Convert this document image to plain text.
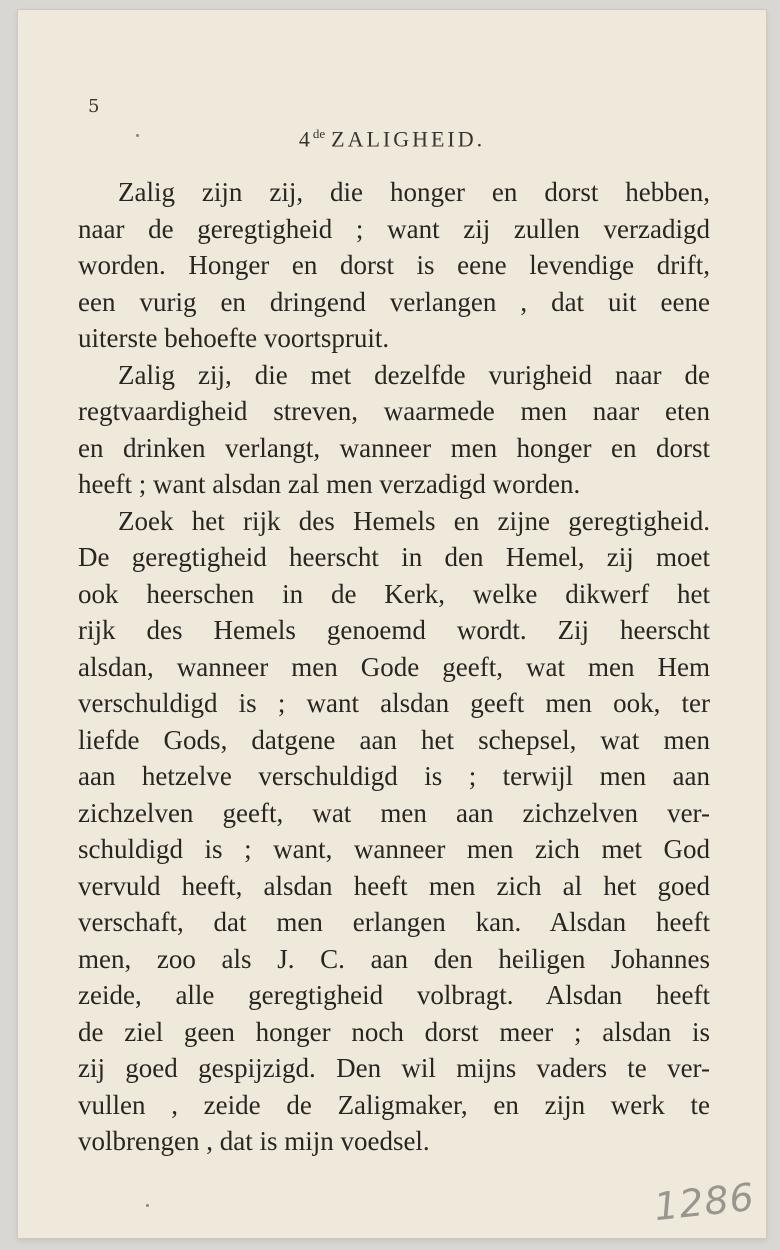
5
4de ZALIGHEID.
Zalig zijn zij, die honger en dorst hebben,
naar de geregtigheid ; want zij zullen verzadigd
worden. Honger en dorst is eene levendige drift,
een vurig en dringend verlangen , dat uit eene
uiterste behoefte voortspruit.
Zalig zij, die met dezelfde vurigheid naar de
regtvaardigheid streven, waarmede men naar eten
en drinken verlangt, wanneer men honger en dorst
heeft ; want alsdan zal men verzadigd worden.
Zoek het rijk des Hemels en zijne geregtigheid.
De geregtigheid heerscht in den Hemel, zij moet
ook heerschen in de Kerk, welke dikwerf het
rijk des Hemels genoemd wordt. Zij heerscht
alsdan, wanneer men Gode geeft, wat men Hem
verschuldigd is ; want alsdan geeft men ook, ter
liefde Gods, datgene aan het schepsel, wat men
aan hetzelve verschuldigd is ; terwijl men aan
zichzelven geeft, wat men aan zichzelven ver-
schuldigd is ; want, wanneer men zich met God
vervuld heeft, alsdan heeft men zich al het goed
verschaft, dat men erlangen kan. Alsdan heeft
men, zoo als J. C. aan den heiligen Johannes
zeide, alle geregtigheid volbragt. Alsdan heeft
de ziel geen honger noch dorst meer ; alsdan is
zij goed gespijzigd. Den wil mijns vaders te ver-
vullen , zeide de Zaligmaker, en zijn werk te
volbrengen , dat is mijn voedsel.
1286
